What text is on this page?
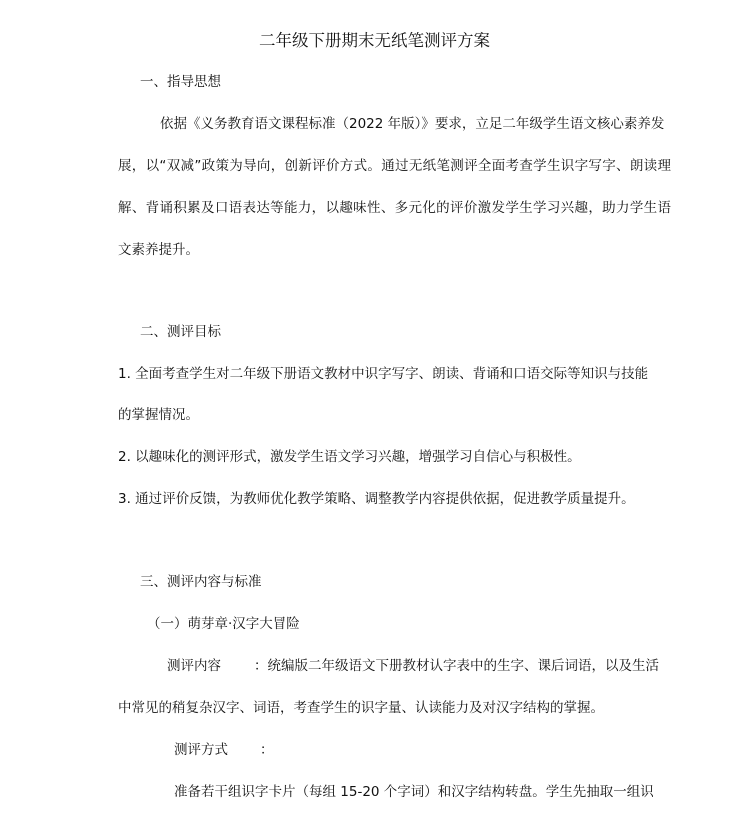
二年级下册期末无纸笔测评方案

一、指导思想

依据《义务教育语文课程标准（2022 年版）》要求，立足二年级学生语文核心素养发

展，以“双减”政策为导向，创新评价方式。通过无纸笔测评全面考查学生识字写字、朗读理

解、背诵积累及口语表达等能力，以趣味性、多元化的评价激发学生学习兴趣，助力学生语

文素养提升。

二、测评目标

1. 全面考查学生对二年级下册语文教材中识字写字、朗读、背诵和口语交际等知识与技能

的掌握情况。

2. 以趣味化的测评形式，激发学生语文学习兴趣，增强学习自信心与积极性。

3. 通过评价反馈，为教师优化教学策略、调整教学内容提供依据，促进教学质量提升。

三、测评内容与标准

（一）萌芽章·汉字大冒险

测评内容 ：统编版二年级语文下册教材认字表中的生字、课后词语，以及生活

中常见的稍复杂汉字、词语，考查学生的识字量、认读能力及对汉字结构的掌握。

测评方式 ：

准备若干组识字卡片（每组 15-20 个字词）和汉字结构转盘。学生先抽取一组识
